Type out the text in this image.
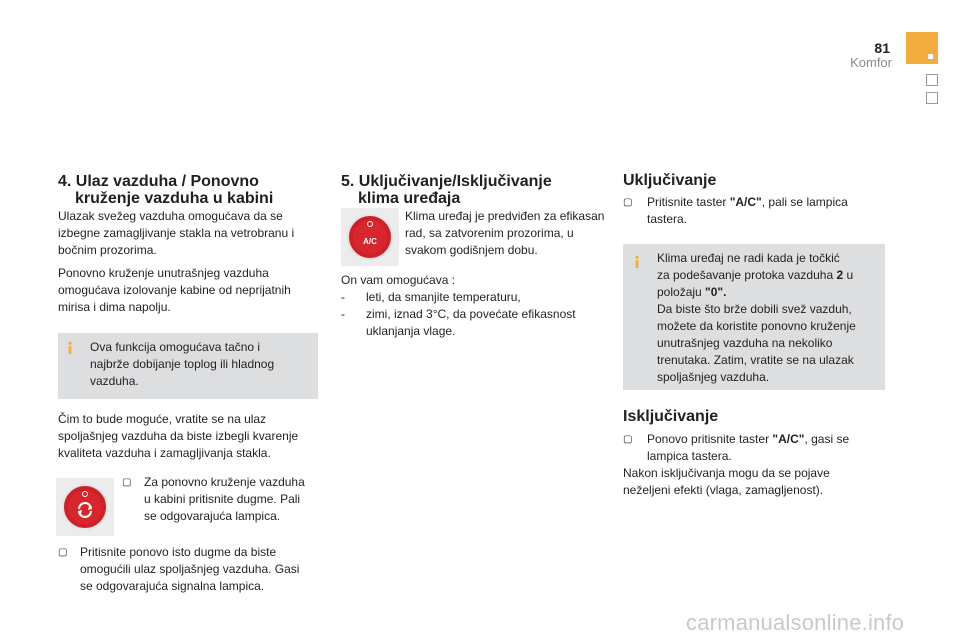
81
Komfor
4. Ulaz vazduha / Ponovno
kruženje vazduha u kabini
Ulazak svežeg vazduha omogućava da se
izbegne zamagljivanje stakla na vetrobranu i
bočnim prozorima.
Ponovno kruženje unutrašnjeg vazduha
omogućava izolovanje kabine od neprijatnih
mirisa i dima napolju.
Ova funkcija omogućava tačno i
najbrže dobijanje toplog ili hladnog
vazduha.
Čim to bude moguće, vratite se na ulaz
spoljašnjeg vazduha da biste izbegli kvarenje
kvaliteta vazduha i zamagljivanja stakla.
▢ Za ponovno kruženje vazduha
u kabini pritisnite dugme. Pali
se odgovarajuća lampica.
▢ Pritisnite ponovo isto dugme da biste
omogućili ulaz spoljašnjeg vazduha. Gasi
se odgovarajuća signalna lampica.
5. Uključivanje/Isključivanje
klima uređaja
A/C
Klima uređaj je predviđen za efikasan
rad, sa zatvorenim prozorima, u
svakom godišnjem dobu.
On vam omogućava :
- leti, da smanjite temperaturu,
- zimi, iznad 3°C, da povećate efikasnost
uklanjanja vlage.
Uključivanje
▢ Pritisnite taster "A/C", pali se lampica
tastera.
Klima uređaj ne radi kada je točkić
za podešavanje protoka vazduha 2 u
položaju "0".
Da biste što brže dobili svež vazduh,
možete da koristite ponovno kruženje
unutrašnjeg vazduha na nekoliko
trenutaka. Zatim, vratite se na ulazak
spoljašnjeg vazduha.
Isključivanje
▢ Ponovo pritisnite taster "A/C", gasi se
lampica tastera.
Nakon isključivanja mogu da se pojave
neželjeni efekti (vlaga, zamagljenost).
carmanualsonline.info
